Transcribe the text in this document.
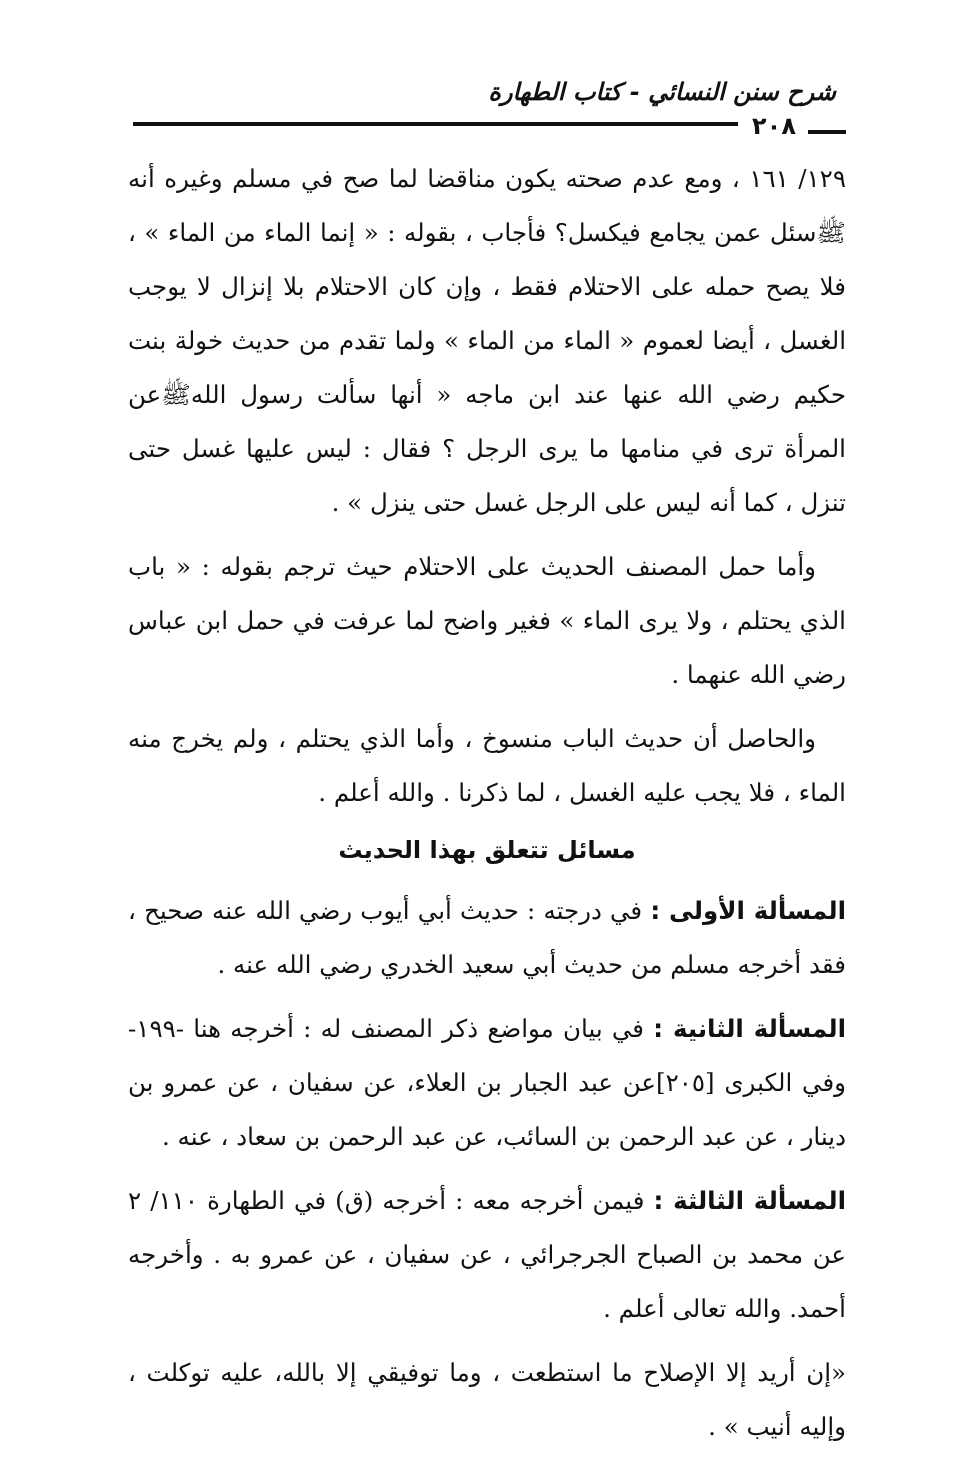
شرح سنن النسائي - كتاب الطهارة
٢٠٨

١٢٩/ ١٦١ ، ومع عدم صحته يكون مناقضا لما صح في مسلم وغيره أنه ﷺسئل عمن يجامع فيكسل؟ فأجاب ، بقوله : « إنما الماء من الماء » ، فلا يصح حمله على الاحتلام فقط ، وإن كان الاحتلام بلا إنزال لا يوجب الغسل ، أيضا لعموم « الماء من الماء » ولما تقدم من حديث خولة بنت حكيم رضي الله عنها عند ابن ماجه « أنها سألت رسول اللهﷺعن المرأة ترى في منامها ما يرى الرجل ؟ فقال : ليس عليها غسل حتى تنزل ، كما أنه ليس على الرجل غسل حتى ينزل » .

وأما حمل المصنف الحديث على الاحتلام حيث ترجم بقوله : « باب الذي يحتلم ، ولا يرى الماء » فغير واضح لما عرفت في حمل ابن عباس رضي الله عنهما .

والحاصل أن حديث الباب منسوخ ، وأما الذي يحتلم ، ولم يخرج منه الماء ، فلا يجب عليه الغسل ، لما ذكرنا . والله أعلم .

مسائل تتعلق بهذا الحديث

المسألة الأولى : في درجته : حديث أبي أيوب رضي الله عنه صحيح ، فقد أخرجه مسلم من حديث أبي سعيد الخدري رضي الله عنه .

المسألة الثانية : في بيان مواضع ذكر المصنف له : أخرجه هنا -١٩٩- وفي الكبرى [٢٠٥]عن عبد الجبار بن العلاء، عن سفيان ، عن عمرو بن دينار ، عن عبد الرحمن بن السائب، عن عبد الرحمن بن سعاد ، عنه .

المسألة الثالثة : فيمن أخرجه معه : أخرجه (ق) في الطهارة ١١٠/ ٢ عن محمد بن الصباح الجرجرائي ، عن سفيان ، عن عمرو به . وأخرجه أحمد. والله تعالى أعلم .

«إن أريد إلا الإصلاح ما استطعت ، وما توفيقي إلا بالله، عليه توكلت ، وإليه أنيب » .
